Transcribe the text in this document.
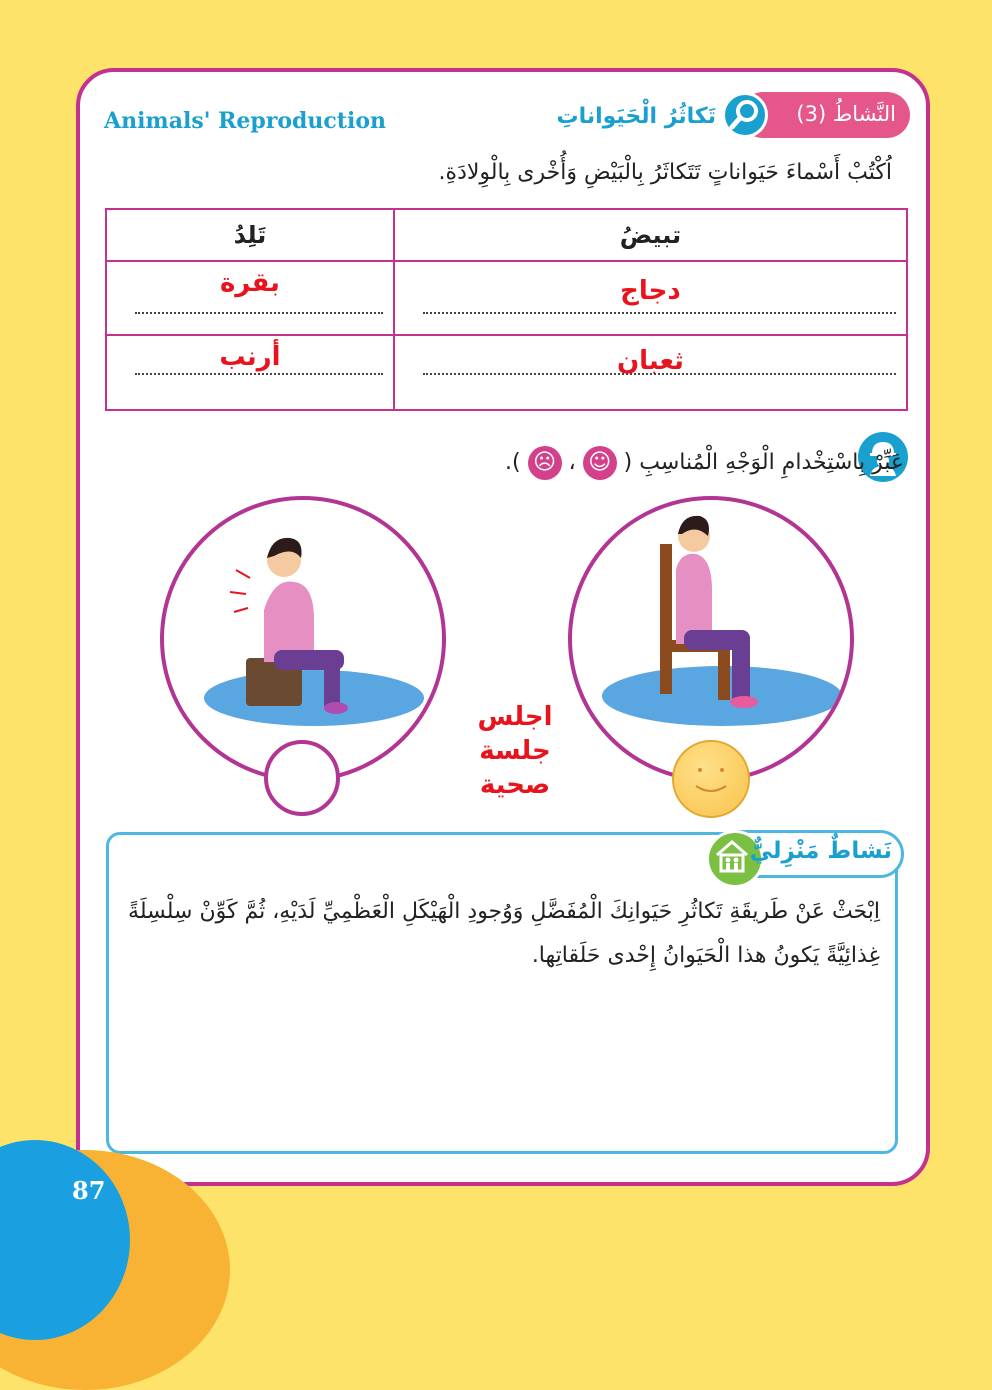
Animals' Reproduction	النَّشاطُ (3)
تَكاثُرُ الْحَيَواناتِ
اُكْتُبْ أَسْماءَ حَيَواناتٍ تَتَكاثَرُ بِالْبَيْضِ وَأُخْرى بِالْوِلادَةِ.
تَلِدُ	تبيضُ

بقرة	دجاج

أرنب	ثعبان
عَبِّرْ بِاسْتِخْدامِ الْوَجْهِ الْمُناسِبِ ( ☺ ، ☹ ).
اجلس جلسة
صحية
نَشاطٌ مَنْزِليٌّ
اِبْحَثْ عَنْ طَريقَةِ تَكاثُرِ حَيَوانِكَ الْمُفَضَّلِ وَوُجودِ الْهَيْكَلِ الْعَظْمِيِّ لَدَيْهِ، ثُمَّ كَوِّنْ سِلْسِلَةً غِذائِيَّةً يَكونُ هذا الْحَيَوانُ إِحْدى حَلَقاتِها.
87
